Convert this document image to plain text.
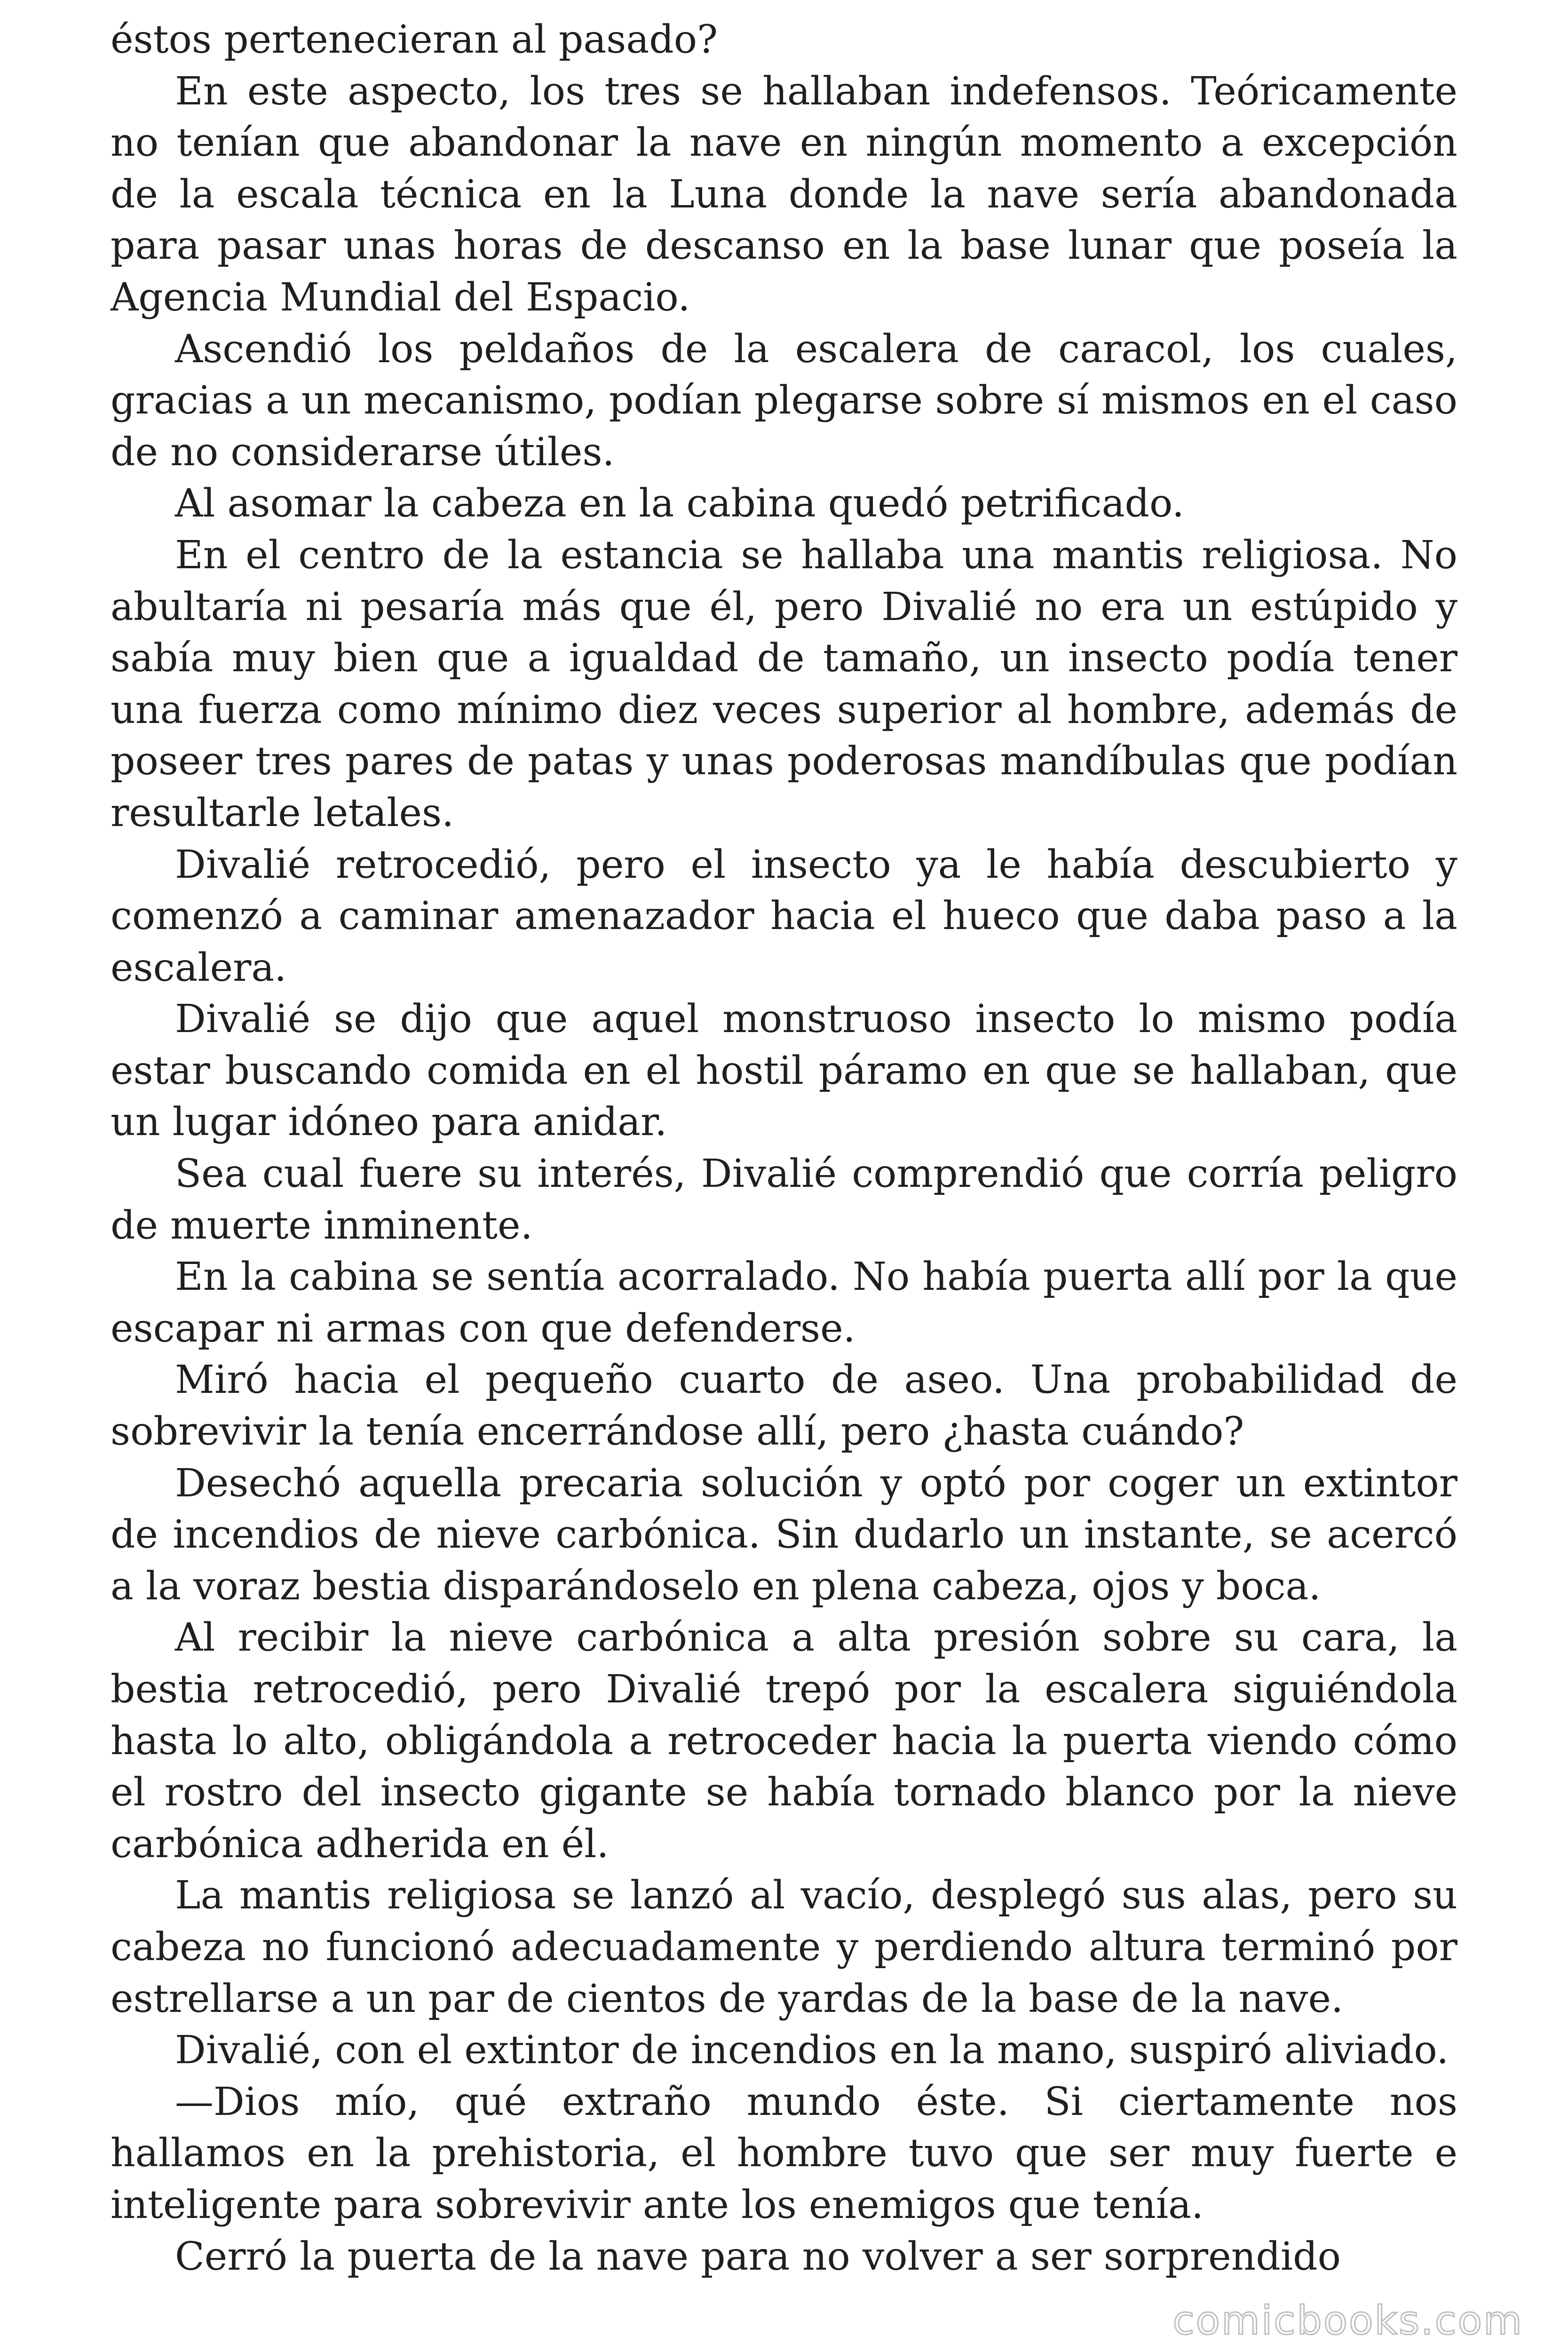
éstos pertenecieran al pasado?

En este aspecto, los tres se hallaban indefensos. Teóricamente no tenían que abandonar la nave en ningún momento a excepción de la escala técnica en la Luna donde la nave sería abandonada para pasar unas horas de descanso en la base lunar que poseía la Agencia Mundial del Espacio.

Ascendió los peldaños de la escalera de caracol, los cuales, gracias a un mecanismo, podían plegarse sobre sí mismos en el caso de no considerarse útiles.

Al asomar la cabeza en la cabina quedó petrificado.

En el centro de la estancia se hallaba una mantis religiosa. No abultaría ni pesaría más que él, pero Divalié no era un estúpido y sabía muy bien que a igualdad de tamaño, un insecto podía tener una fuerza como mínimo diez veces superior al hombre, además de poseer tres pares de patas y unas poderosas mandíbulas que podían resultarle letales.

Divalié retrocedió, pero el insecto ya le había descubierto y comenzó a caminar amenazador hacia el hueco que daba paso a la escalera.

Divalié se dijo que aquel monstruoso insecto lo mismo podía estar buscando comida en el hostil páramo en que se hallaban, que un lugar idóneo para anidar.

Sea cual fuere su interés, Divalié comprendió que corría peligro de muerte inminente.

En la cabina se sentía acorralado. No había puerta allí por la que escapar ni armas con que defenderse.

Miró hacia el pequeño cuarto de aseo. Una probabilidad de sobrevivir la tenía encerrándose allí, pero ¿hasta cuándo?

Desechó aquella precaria solución y optó por coger un extintor de incendios de nieve carbónica. Sin dudarlo un instante, se acercó a la voraz bestia disparándoselo en plena cabeza, ojos y boca.

Al recibir la nieve carbónica a alta presión sobre su cara, la bestia retrocedió, pero Divalié trepó por la escalera siguiéndola hasta lo alto, obligándola a retroceder hacia la puerta viendo cómo el rostro del insecto gigante se había tornado blanco por la nieve carbónica adherida en él.

La mantis religiosa se lanzó al vacío, desplegó sus alas, pero su cabeza no funcionó adecuadamente y perdiendo altura terminó por estrellarse a un par de cientos de yardas de la base de la nave.

Divalié, con el extintor de incendios en la mano, suspiró aliviado.

—Dios mío, qué extraño mundo éste. Si ciertamente nos hallamos en la prehistoria, el hombre tuvo que ser muy fuerte e inteligente para sobrevivir ante los enemigos que tenía.

Cerró la puerta de la nave para no volver a ser sorprendido

comicbooks.com
